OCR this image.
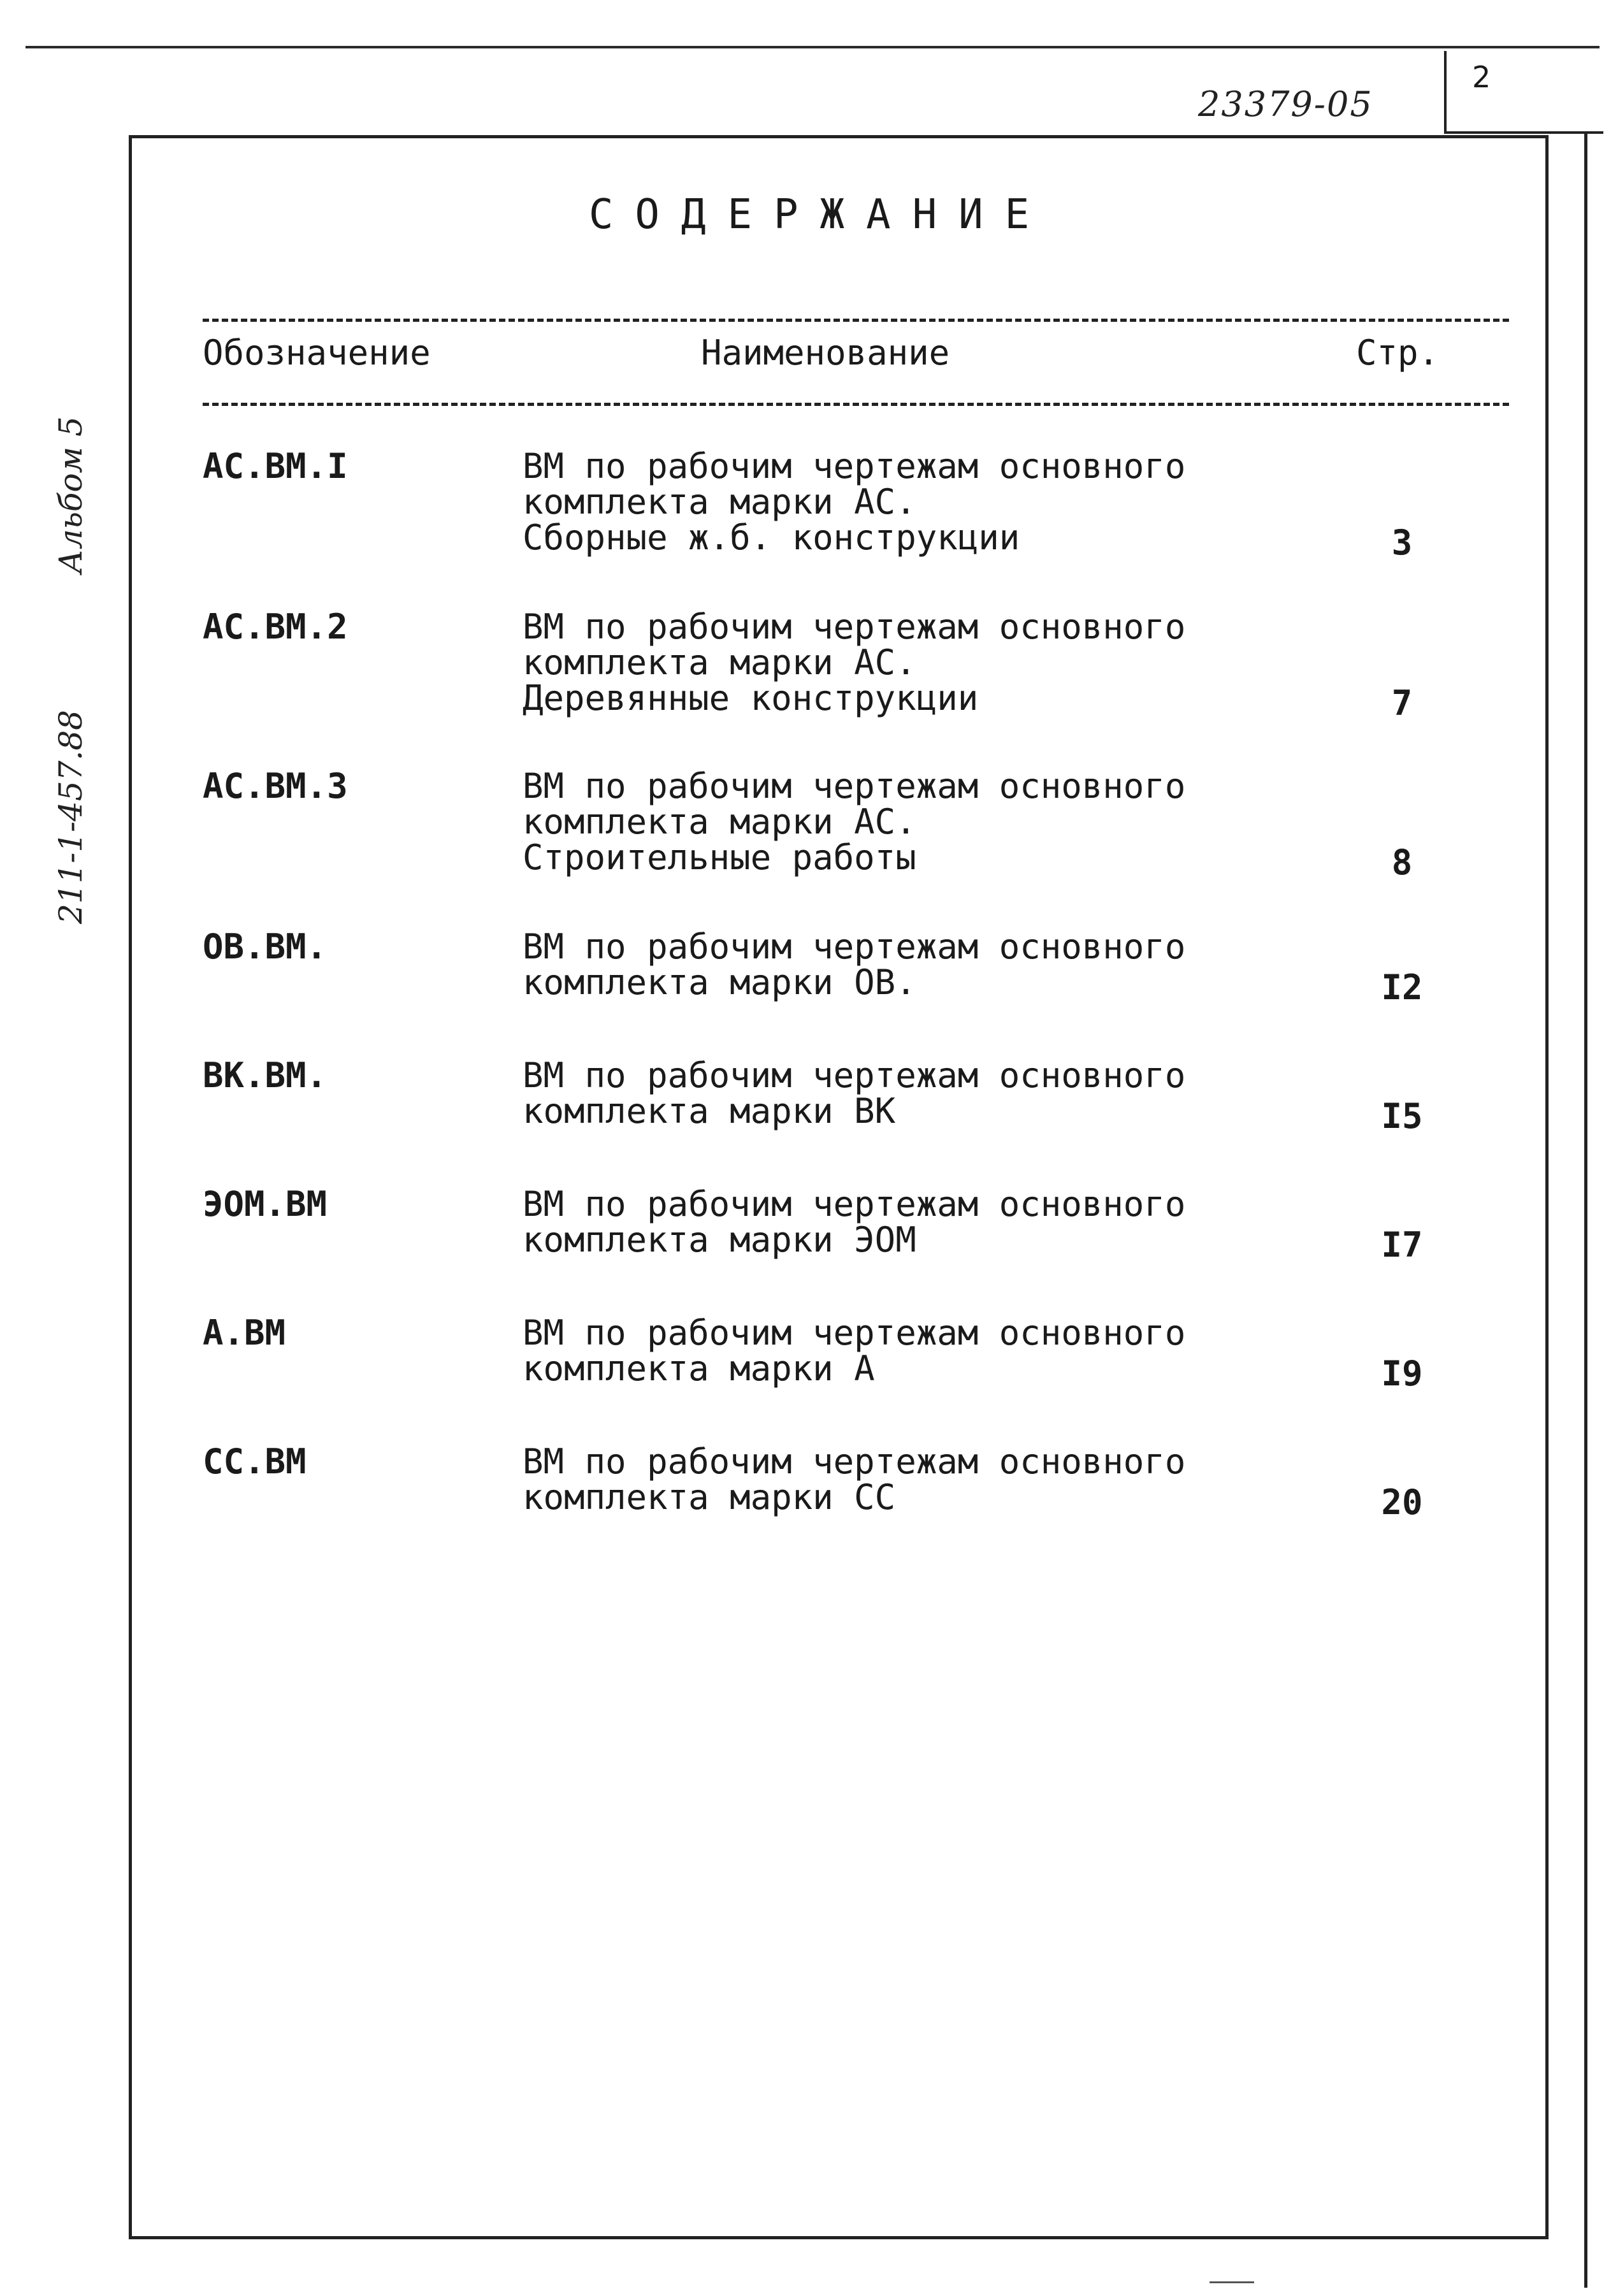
2
23379-05
Альбом 5
211-1-457.88
СОДЕРЖАНИЕ
Обозначение	Наименование	Стр.
АС.ВМ.I	ВМ по рабочим чертежам основного
комплекта марки АС.
Сборные ж.б. конструкции	3
АС.ВМ.2	ВМ по рабочим чертежам основного
комплекта марки АС.
Деревянные конструкции	7
АС.ВМ.3	ВМ по рабочим чертежам основного
комплекта марки АС.
Строительные работы	8
ОВ.ВМ.	ВМ по рабочим чертежам основного
комплекта марки ОВ.	I2
ВК.ВМ.	ВМ по рабочим чертежам основного
комплекта марки ВК	I5
ЭОМ.ВМ	ВМ по рабочим чертежам основного
комплекта марки ЭОМ	I7
А.ВМ	ВМ по рабочим чертежам основного
комплекта марки А	I9
СС.ВМ	ВМ по рабочим чертежам основного
комплекта марки СС	20
